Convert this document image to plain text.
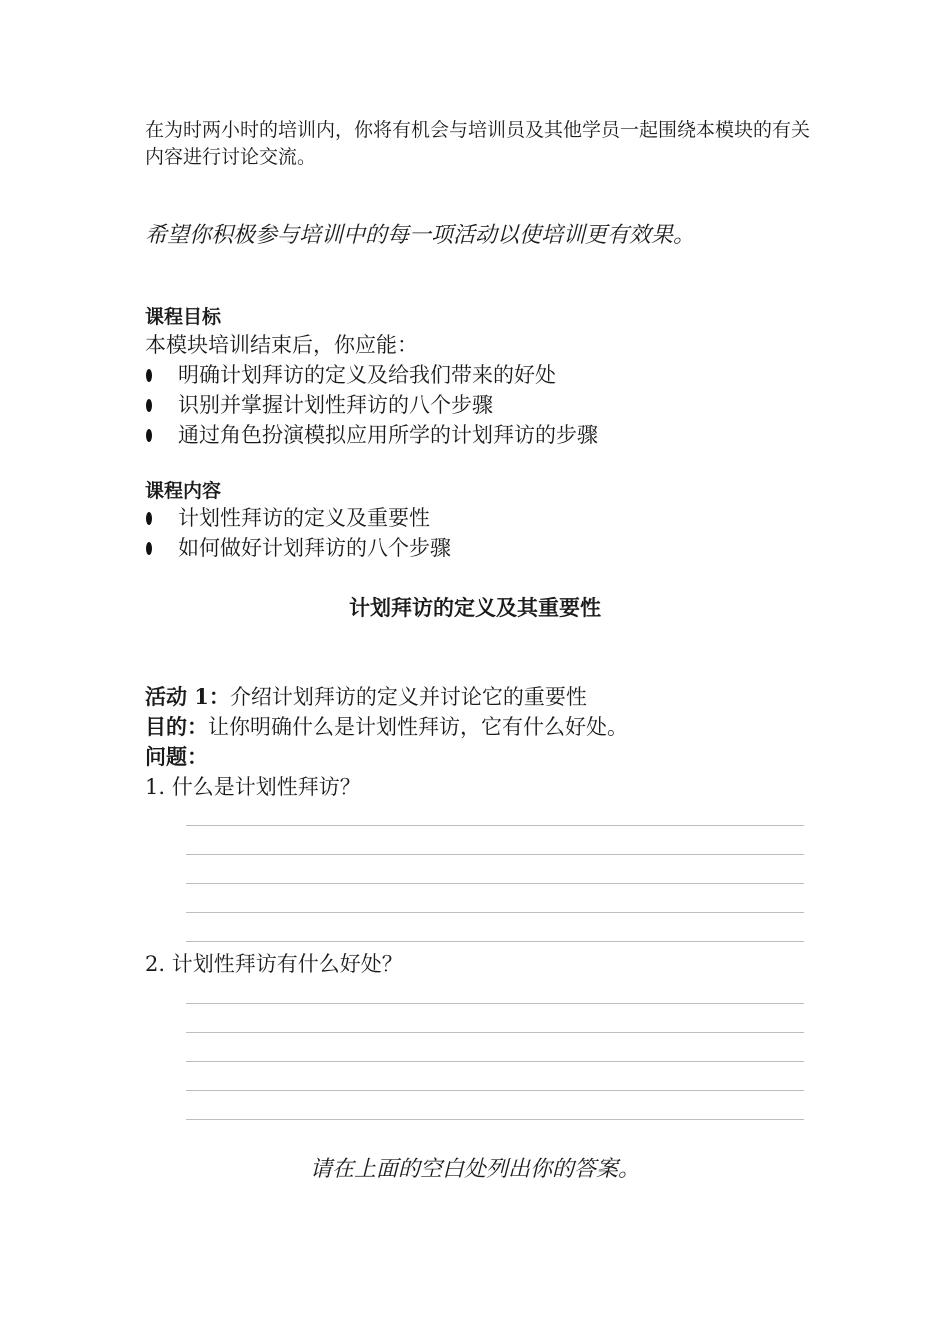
在为时两小时的培训内，你将有机会与培训员及其他学员一起围绕本模块的有关内容进行讨论交流。
希望你积极参与培训中的每一项活动以使培训更有效果。
课程目标
本模块培训结束后，你应能：
明确计划拜访的定义及给我们带来的好处
识别并掌握计划性拜访的八个步骤
通过角色扮演模拟应用所学的计划拜访的步骤
课程内容
计划性拜访的定义及重要性
如何做好计划拜访的八个步骤
计划拜访的定义及其重要性
活动 1：介绍计划拜访的定义并讨论它的重要性
目的：让你明确什么是计划性拜访，它有什么好处。
问题：
1. 什么是计划性拜访？
2. 计划性拜访有什么好处？
请在上面的空白处列出你的答案。
